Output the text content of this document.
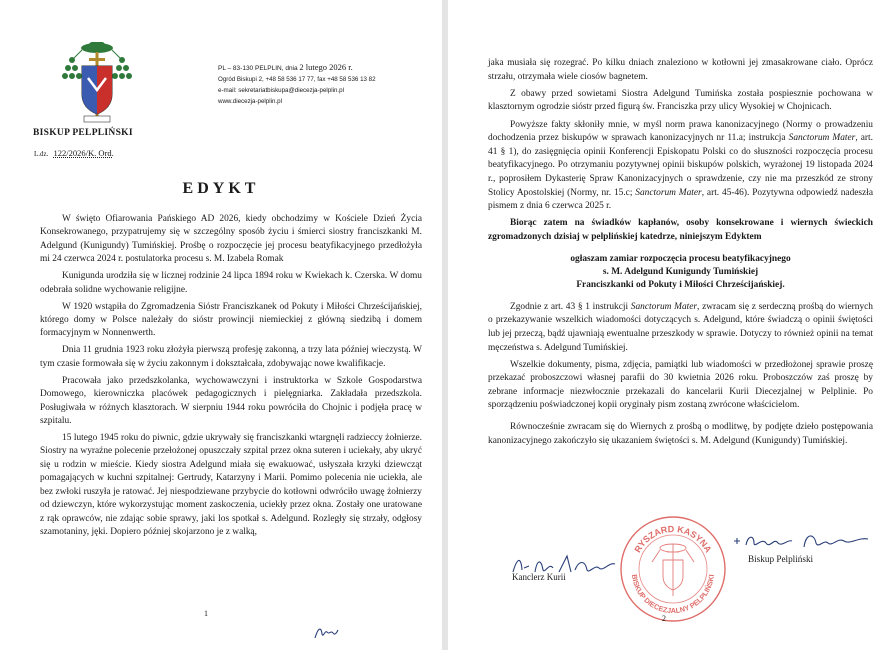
BISKUP PELPLIŃSKI
L.dz. 122/2026/K. Ord.
PL – 83-130 PELPLIN, dnia 2 lutego 2026 r.
Ogród Biskupi 2, +48 58 536 17 77, fax +48 58 536 13 82
e-mail: sekretariatbiskupa@diecezja-pelplin.pl
www.diecezja-pelplin.pl
EDYKT

W święto Ofiarowania Pańskiego AD 2026, kiedy obchodzimy w Kościele Dzień Życia Konsekrowanego, przypatrujemy się w szczególny sposób życiu i śmierci siostry franciszkanki M. Adelgund (Kunigundy) Tumińskiej. Prośbę o rozpoczęcie jej procesu beatyfikacyjnego przedłożyła mi 24 czerwca 2024 r. postulatorka procesu s. M. Izabela Romak

Kunigunda urodziła się w licznej rodzinie 24 lipca 1894 roku w Kwiekach k. Czerska. W domu odebrała solidne wychowanie religijne.

W 1920 wstąpiła do Zgromadzenia Sióstr Franciszkanek od Pokuty i Miłości Chrześcijańskiej, którego domy w Polsce należały do sióstr prowincji niemieckiej z główną siedzibą i domem formacyjnym w Nonnenwerth.

Dnia 11 grudnia 1923 roku złożyła pierwszą profesję zakonną, a trzy lata później wieczystą. W tym czasie formowała się w życiu zakonnym i dokształcała, zdobywając nowe kwalifikacje.

Pracowała jako przedszkolanka, wychowawczyni i instruktorka w Szkole Gospodarstwa Domowego, kierowniczka placówek pedagogicznych i pielęgniarka. Zakładała przedszkola. Posługiwała w różnych klasztorach. W sierpniu 1944 roku powróciła do Chojnic i podjęła pracę w szpitalu.

15 lutego 1945 roku do piwnic, gdzie ukrywały się franciszkanki wtargnęli radzieccy żołnierze. Siostry na wyraźne polecenie przełożonej opuszczały szpital przez okna suteren i uciekały, aby ukryć się u rodzin w mieście. Kiedy siostra Adelgund miała się ewakuować, usłyszała krzyki dziewcząt pomagających w kuchni szpitalnej: Gertrudy, Katarzyny i Marii. Pomimo polecenia nie uciekła, ale bez zwłoki ruszyła je ratować. Jej niespodziewane przybycie do kotłowni odwróciło uwagę żołnierzy od dziewczyn, które wykorzystując moment zaskoczenia, uciekły przez okna. Zostały one uratowane z rąk oprawców, nie zdając sobie sprawy, jaki los spotkał s. Adelgund. Rozległy się strzały, odgłosy szamotaniny, jęki. Dopiero później skojarzono je z walką,

1

jaka musiała się rozegrać. Po kilku dniach znaleziono w kotłowni jej zmasakrowane ciało. Oprócz strzału, otrzymała wiele ciosów bagnetem.

Z obawy przed sowietami Siostra Adelgund Tumińska została pospiesznie pochowana w klasztornym ogrodzie sióstr przed figurą św. Franciszka przy ulicy Wysokiej w Chojnicach.

Powyższe fakty skłoniły mnie, w myśl norm prawa kanonizacyjnego (Normy o prowadzeniu dochodzenia przez biskupów w sprawach kanonizacyjnych nr 11.a; instrukcja Sanctorum Mater, art. 41 § 1), do zasięgnięcia opinii Konferencji Episkopatu Polski co do słuszności rozpoczęcia procesu beatyfikacyjnego. Po otrzymaniu pozytywnej opinii biskupów polskich, wyrażonej 19 listopada 2024 r., poprosiłem Dykasterię Spraw Kanonizacyjnych o sprawdzenie, czy nie ma przeszkód ze strony Stolicy Apostolskiej (Normy, nr. 15.c; Sanctorum Mater, art. 45-46). Pozytywna odpowiedź nadeszła pismem z dnia 6 czerwca 2025 r.

Biorąc zatem na świadków kapłanów, osoby konsekrowane i wiernych świeckich zgromadzonych dzisiaj w pelplińskiej katedrze, niniejszym Edyktem

ogłaszam zamiar rozpoczęcia procesu beatyfikacyjnego
s. M. Adelgund Kunigundy Tumińskiej
Franciszkanki od Pokuty i Miłości Chrześcijańskiej.

Zgodnie z art. 43 § 1 instrukcji Sanctorum Mater, zwracam się z serdeczną prośbą do wiernych o przekazywanie wszelkich wiadomości dotyczących s. Adelgund, które świadczą o opinii świętości lub jej przeczą, bądź ujawniają ewentualne przeszkody w sprawie. Dotyczy to również opinii na temat męczeństwa s. Adelgund Tumińskiej.

Wszelkie dokumenty, pisma, zdjęcia, pamiątki lub wiadomości w przedłożonej sprawie proszę przekazać proboszczowi własnej parafii do 30 kwietnia 2026 roku. Proboszczów zaś proszę by zebrane informacje niezwłocznie przekazali do kancelarii Kurii Diecezjalnej w Pelplinie. Po sporządzeniu poświadczonej kopii oryginały pism zostaną zwrócone właścicielom.

Równocześnie zwracam się do Wiernych z prośbą o modlitwę, by podjęte dzieło postępowania kanonizacyjnego zakończyło się ukazaniem świętości s. M. Adelgund (Kunigundy) Tumińskiej.

Kanclerz Kurii
RYSZARD KASYNA
BISKUP DIECEZJALNY PELPLIŃSKI
Biskup Pelpliński
2
